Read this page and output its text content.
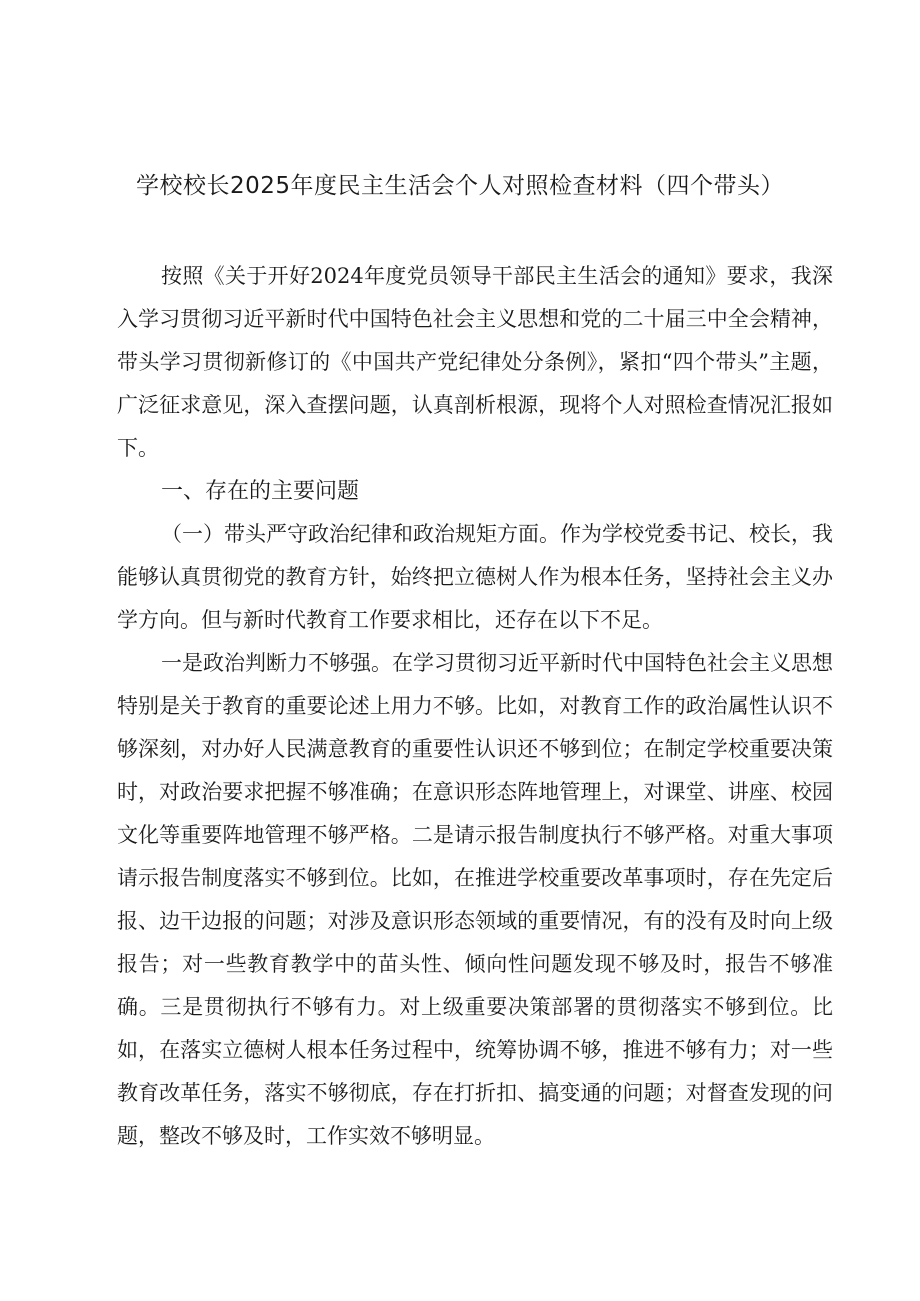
学校校长2025年度民主生活会个人对照检查材料（四个带头）

按照《关于开好2024年度党员领导干部民主生活会的通知》要求，我深入学习贯彻习近平新时代中国特色社会主义思想和党的二十届三中全会精神，带头学习贯彻新修订的《中国共产党纪律处分条例》，紧扣“四个带头”主题，广泛征求意见，深入查摆问题，认真剖析根源，现将个人对照检查情况汇报如下。

一、存在的主要问题

（一）带头严守政治纪律和政治规矩方面。作为学校党委书记、校长，我能够认真贯彻党的教育方针，始终把立德树人作为根本任务，坚持社会主义办学方向。但与新时代教育工作要求相比，还存在以下不足。

一是政治判断力不够强。在学习贯彻习近平新时代中国特色社会主义思想特别是关于教育的重要论述上用力不够。比如，对教育工作的政治属性认识不够深刻，对办好人民满意教育的重要性认识还不够到位；在制定学校重要决策时，对政治要求把握不够准确；在意识形态阵地管理上，对课堂、讲座、校园文化等重要阵地管理不够严格。二是请示报告制度执行不够严格。对重大事项请示报告制度落实不够到位。比如，在推进学校重要改革事项时，存在先定后报、边干边报的问题；对涉及意识形态领域的重要情况，有的没有及时向上级报告；对一些教育教学中的苗头性、倾向性问题发现不够及时，报告不够准确。三是贯彻执行不够有力。对上级重要决策部署的贯彻落实不够到位。比如，在落实立德树人根本任务过程中，统筹协调不够，推进不够有力；对一些教育改革任务，落实不够彻底，存在打折扣、搞变通的问题；对督查发现的问题，整改不够及时，工作实效不够明显。
